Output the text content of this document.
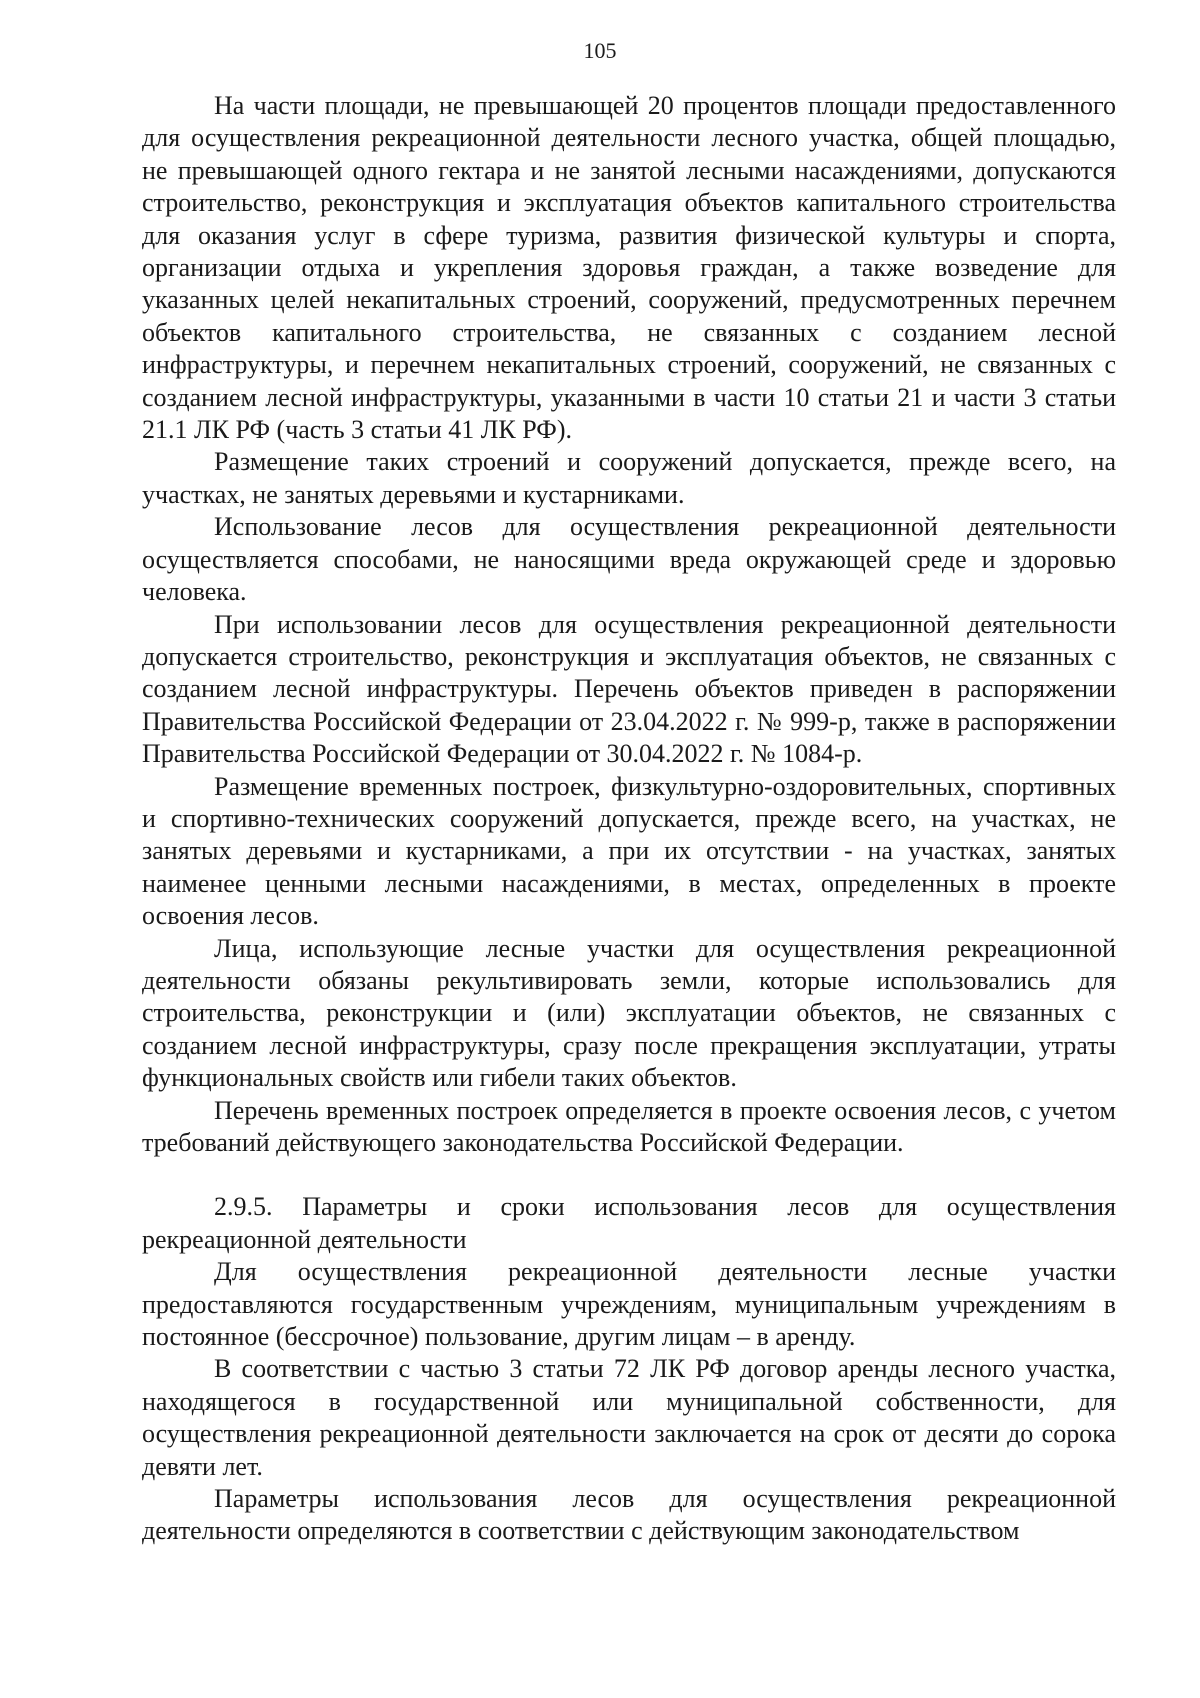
105

На части площади, не превышающей 20 процентов площади предоставленного для осуществления рекреационной деятельности лесного участка, общей площадью, не превышающей одного гектара и не занятой лесными насаждениями, допускаются строительство, реконструкция и эксплуатация объектов капитального строительства для оказания услуг в сфере туризма, развития физической культуры и спорта, организации отдыха и укрепления здоровья граждан, а также возведение для указанных целей некапитальных строений, сооружений, предусмотренных перечнем объектов капитального строительства, не связанных с созданием лесной инфраструктуры, и перечнем некапитальных строений, сооружений, не связанных с созданием лесной инфраструктуры, указанными в части 10 статьи 21 и части 3 статьи 21.1 ЛК РФ (часть 3 статьи 41 ЛК РФ).

Размещение таких строений и сооружений допускается, прежде всего, на участках, не занятых деревьями и кустарниками.

Использование лесов для осуществления рекреационной деятельности осуществляется способами, не наносящими вреда окружающей среде и здоровью человека.

При использовании лесов для осуществления рекреационной деятельности допускается строительство, реконструкция и эксплуатация объектов, не связанных с созданием лесной инфраструктуры. Перечень объектов приведен в распоряжении Правительства Российской Федерации от 23.04.2022 г. № 999-р, также в распоряжении Правительства Российской Федерации от 30.04.2022 г. № 1084-р.

Размещение временных построек, физкультурно-оздоровительных, спортивных и спортивно-технических сооружений допускается, прежде всего, на участках, не занятых деревьями и кустарниками, а при их отсутствии - на участках, занятых наименее ценными лесными насаждениями, в местах, определенных в проекте освоения лесов.

Лица, использующие лесные участки для осуществления рекреационной деятельности обязаны рекультивировать земли, которые использовались для строительства, реконструкции и (или) эксплуатации объектов, не связанных с созданием лесной инфраструктуры, сразу после прекращения эксплуатации, утраты функциональных свойств или гибели таких объектов.

Перечень временных построек определяется в проекте освоения лесов, с учетом требований действующего законодательства Российской Федерации.

2.9.5. Параметры и сроки использования лесов для осуществления рекреационной деятельности

Для осуществления рекреационной деятельности лесные участки предоставляются государственным учреждениям, муниципальным учреждениям в постоянное (бессрочное) пользование, другим лицам – в аренду.

В соответствии с частью 3 статьи 72 ЛК РФ договор аренды лесного участка, находящегося в государственной или муниципальной собственности, для осуществления рекреационной деятельности заключается на срок от десяти до сорока девяти лет.

Параметры использования лесов для осуществления рекреационной деятельности определяются в соответствии с действующим законодательством
